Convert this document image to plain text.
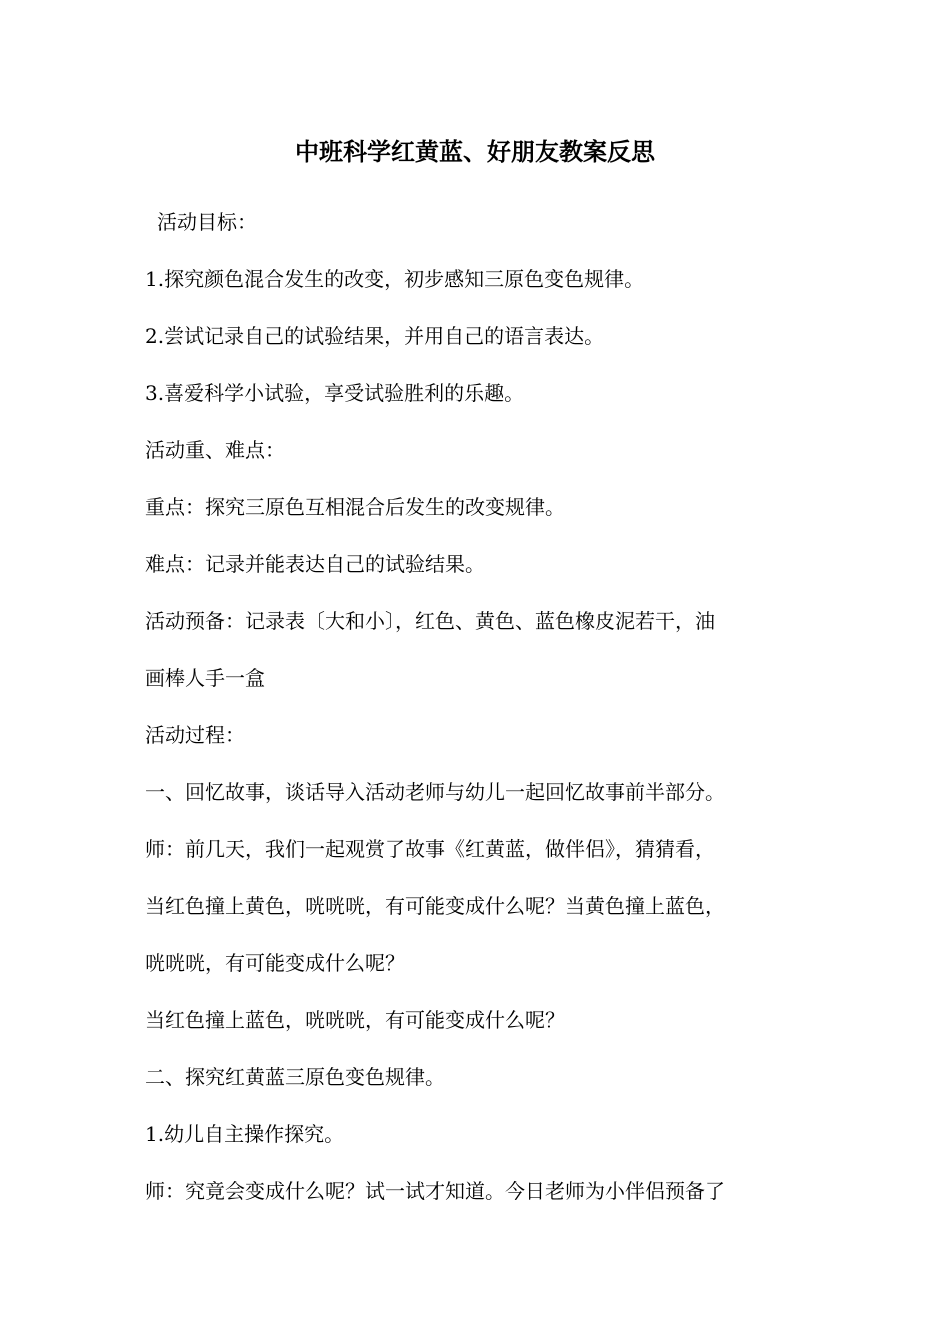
中班科学红黄蓝、好朋友教案反思
活动目标：
1.探究颜色混合发生的改变，初步感知三原色变色规律。
2.尝试记录自己的试验结果，并用自己的语言表达。
3.喜爱科学小试验，享受试验胜利的乐趣。
活动重、难点：
重点：探究三原色互相混合后发生的改变规律。
难点：记录并能表达自己的试验结果。
活动预备：记录表〔大和小〕，红色、黄色、蓝色橡皮泥若干，油
画棒人手一盒
活动过程：
一、回忆故事，谈话导入活动老师与幼儿一起回忆故事前半部分。
师：前几天，我们一起观赏了故事《红黄蓝，做伴侣》，猜猜看，
当红色撞上黄色，咣咣咣，有可能变成什么呢？当黄色撞上蓝色，
咣咣咣，有可能变成什么呢？
当红色撞上蓝色，咣咣咣，有可能变成什么呢？
二、探究红黄蓝三原色变色规律。
1.幼儿自主操作探究。
师：究竟会变成什么呢？试一试才知道。今日老师为小伴侣预备了
